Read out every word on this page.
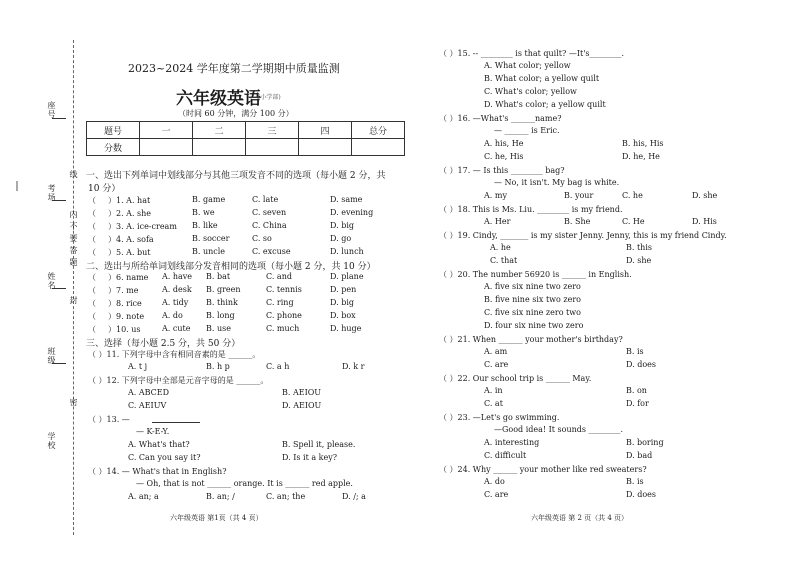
座号
考场
姓名
班级
学校
线
内
不
要
答
题
封
密
2023~2024 学年度第二学期期中质量监测
六年级英语
(小学部)
（时间 60 分钟，满分 100 分）
题号	一	二	三	四	总分
分数					
一、选出下列单词中划线部分与其他三项发音不同的选项（每小题 2 分，共
10 分）
（ ）1. A. hat	B. game	C. late	D. same
（ ）2. A. she	B. we	C. seven	D. evening
（ ）3. A. ice-cream B. like	C. China	D. big
（ ）4. A. sofa	B. soccer	C. so	D. go
（ ）5. A. but	B. uncle	C. excuse	D. lunch
二、选出与所给单词划线部分发音相同的选项（每小题 2 分，共 10 分）
（ ）6. name A. have B. bat	C. and	D. plane
（ ）7. me	A. desk B. green	C. tennis	D. pen
（ ）8. rice	A. tidy B. think	C. ring	D. big
（ ）9. note A. do	B. long	C. phone	D. box
（ ）10. us	A. cute B. use	C. much	D. huge
三、选择（每小题 2.5 分，共 50 分）
（ ）11. 下列字母中含有相同音素的是 ______。
A. t j	B. h p	C. a h	D. k r
（ ）12. 下列字母中全部是元音字母的是 ______。
A. ABCED	B. AEIOU
C. AEIUV	D. AEIOU
（ ）13. —
— K-E-Y.
A. What's that?	B. Spell it, please.
C. Can you say it?	D. Is it a key?
（ ）14. — What's that in English?
— Oh, that is not ______ orange. It is ______ red apple.
A. an; a	B. an; /	C. an; the	D. /; a
六年级英语 第1页（共 4 页）
（ ）15. -- ________ is that quilt? —It's________.
A. What color; yellow
B. What color; a yellow quilt
C. What's color; yellow
D. What's color; a yellow quilt
（ ）16. —What's ______name?
— ______ is Eric.
A. his, He	B. his, His
C. he, His	D. he, He
（ ）17. — Is this ________ bag?
— No, it isn't. My bag is white.
A. my	B. your	C. he	D. she
（ ）18. This is Ms. Liu. ________ is my friend.
A. Her	B. She	C. He	D. His
（ ）19. Cindy, _______ is my sister Jenny. Jenny, this is my friend Cindy.
A. he	B. this
C. that	D. she
（ ）20. The number 56920 is ______ in English.
A. five six nine two zero
B. five nine six two zero
C. five six nine zero two
D. four six nine two zero
（ ）21. When ______ your mother's birthday?
A. am	B. is
C. are	D. does
（ ）22. Our school trip is ______ May.
A. in	B. on
C. at	D. for
（ ）23. —Let's go swimming.
—Good idea! It sounds ________.
A. interesting	B. boring
C. difficult	D. bad
（ ）24. Why ______ your mother like red sweaters?
A. do	B. is
C. are	D. does
六年级英语 第 2 页（共 4 页）
